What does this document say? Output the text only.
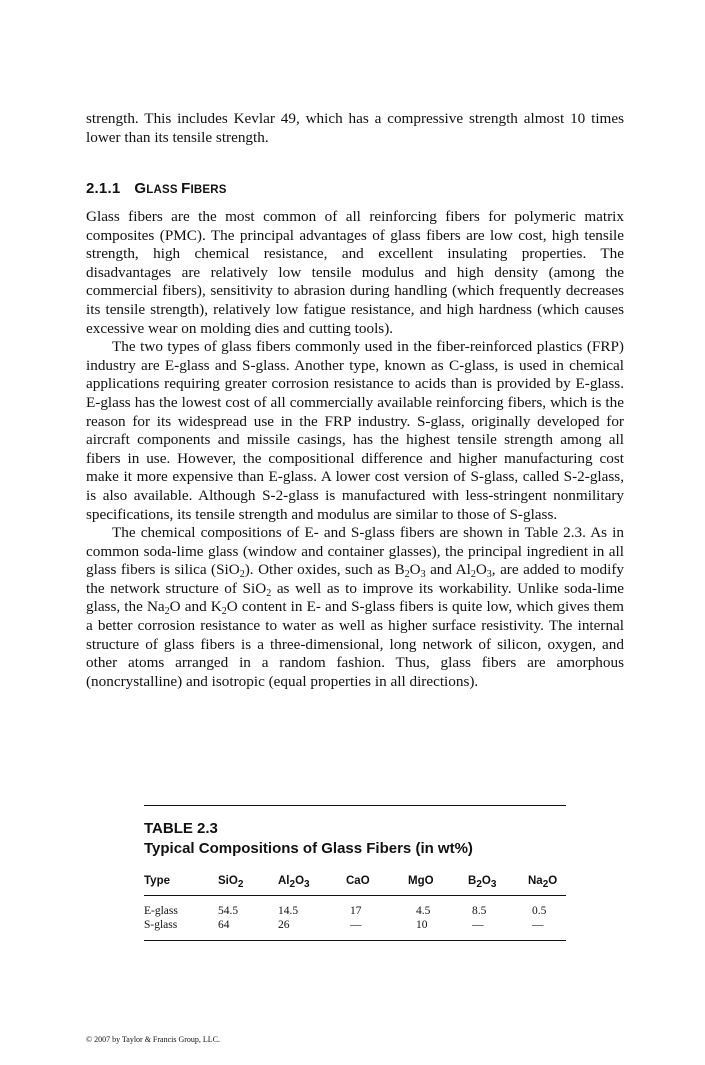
strength. This includes Kevlar 49, which has a compressive strength almost 10 times lower than its tensile strength.

2.1.1 GLASS FIBERS

Glass fibers are the most common of all reinforcing fibers for polymeric matrix composites (PMC). The principal advantages of glass fibers are low cost, high tensile strength, high chemical resistance, and excellent insulating properties. The disadvantages are relatively low tensile modulus and high density (among the commercial fibers), sensitivity to abrasion during handling (which frequently decreases its tensile strength), relatively low fatigue resistance, and high hardness (which causes excessive wear on molding dies and cutting tools).

The two types of glass fibers commonly used in the fiber-reinforced plastics (FRP) industry are E-glass and S-glass. Another type, known as C-glass, is used in chemical applications requiring greater corrosion resistance to acids than is provided by E-glass. E-glass has the lowest cost of all commercially available reinforcing fibers, which is the reason for its widespread use in the FRP industry. S-glass, originally developed for aircraft components and missile casings, has the highest tensile strength among all fibers in use. However, the compositional difference and higher manufacturing cost make it more expensive than E-glass. A lower cost version of S-glass, called S-2-glass, is also available. Although S-2-glass is manufactured with less-stringent nonmilitary specifications, its tensile strength and modulus are similar to those of S-glass.

The chemical compositions of E- and S-glass fibers are shown in Table 2.3. As in common soda-lime glass (window and container glasses), the principal ingredient in all glass fibers is silica (SiO$_2$). Other oxides, such as $B_2O_3$ and $Al_2O_3$, are added to modify the network structure of SiO$_2$ as well as to improve its workability. Unlike soda-lime glass, the $Na_2O$ and $K_2O$ content in E- and S-glass fibers is quite low, which gives them a better corrosion resistance to water as well as higher surface resistivity. The internal structure of glass fibers is a three-dimensional, long network of silicon, oxygen, and other atoms arranged in a random fashion. Thus, glass fibers are amorphous (noncrystalline) and isotropic (equal properties in all directions).

TABLE 2.3
Typical Compositions of Glass Fibers (in wt%)
Type	SiO$_2$	$Al_2O_3$	CaO	MgO	$B_2O_3$	$Na_2O$
E-glass	54.5	14.5	17	4.5	8.5	0.5
S-glass	64	26	—	10	—	—
© 2007 by Taylor & Francis Group, LLC.
